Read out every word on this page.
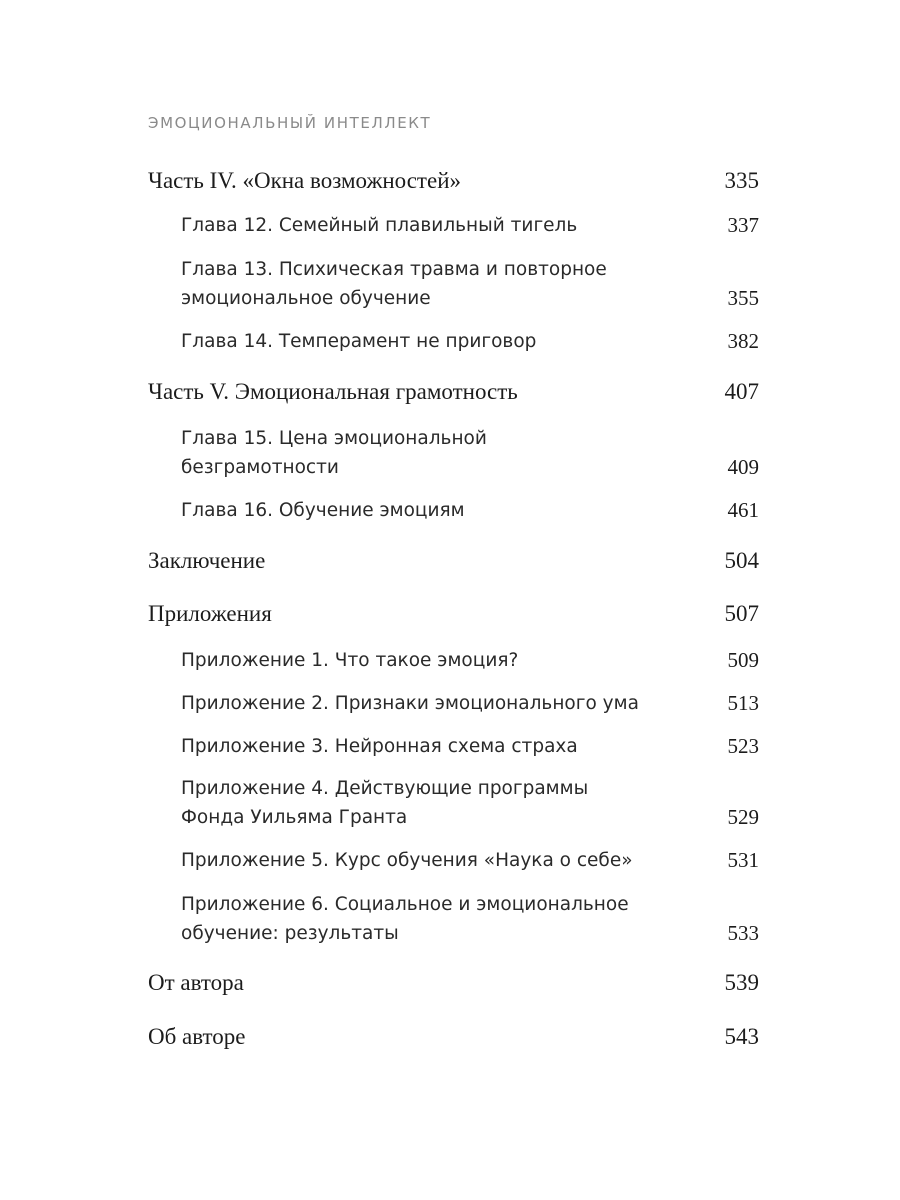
ЭМОЦИОНАЛЬНЫЙ ИНТЕЛЛЕКТ
Часть IV. «Окна возможностей»	335
Глава 12. Семейный плавильный тигель	337
Глава 13. Психическая травма и повторное
эмоциональное обучение	355
Глава 14. Темперамент не приговор	382
Часть V. Эмоциональная грамотность	407
Глава 15. Цена эмоциональной
безграмотности	409
Глава 16. Обучение эмоциям	461
Заключение	504
Приложения	507
Приложение 1. Что такое эмоция?	509
Приложение 2. Признаки эмоционального ума	513
Приложение 3. Нейронная схема страха	523
Приложение 4. Действующие программы
Фонда Уильяма Гранта	529
Приложение 5. Курс обучения «Наука о себе»	531
Приложение 6. Социальное и эмоциональное
обучение: результаты	533
От автора	539
Об авторе	543
